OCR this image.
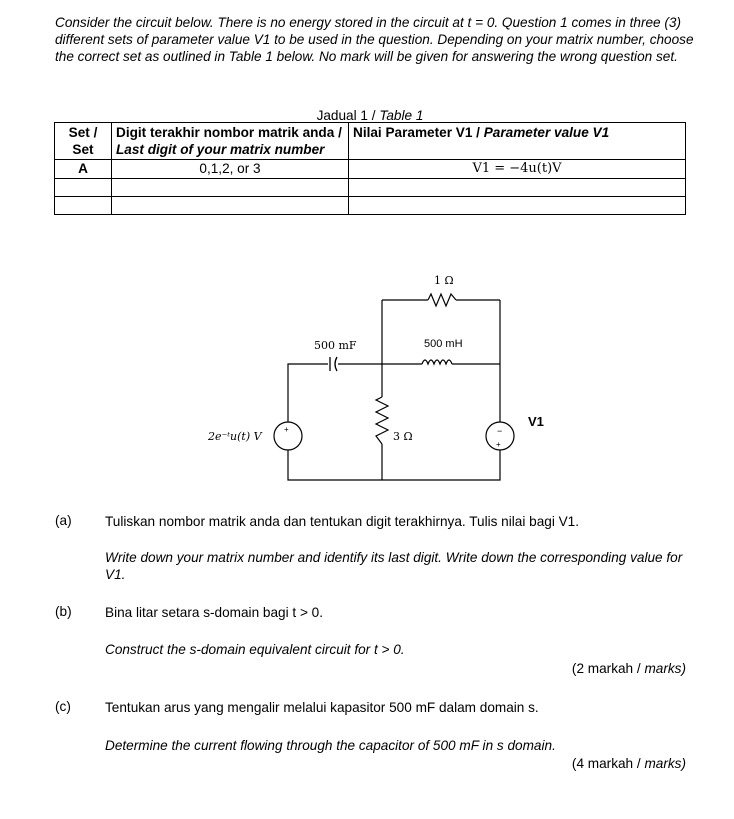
Consider the circuit below. There is no energy stored in the circuit at t = 0. Question 1 comes in three (3) different sets of parameter value V1 to be used in the question. Depending on your matrix number, choose the correct set as outlined in Table 1 below. No mark will be given for answering the wrong question set.
Jadual 1 / Table 1
Set /
Set	Digit terakhir nombor matrik anda / Last digit of your matrix number	Nilai Parameter V1 / Parameter value V1
A	0,1,2, or 3	V1 = −4u(t)V

+
+
−
1 Ω
500 mF	500 mH
3 Ω
2e⁻ᵗu(t) V
V1
(a) Tuliskan nombor matrik anda dan tentukan digit terakhirnya. Tulis nilai bagi V1.
Write down your matrix number and identify its last digit. Write down the corresponding value for V1.
(b) Bina litar setara s-domain bagi t > 0.
Construct the s-domain equivalent circuit for t > 0.
(2 markah / marks)
(c)	Tentukan arus yang mengalir melalui kapasitor 500 mF dalam domain s.
Determine the current flowing through the capacitor of 500 mF in s domain.
(4 markah / marks)
